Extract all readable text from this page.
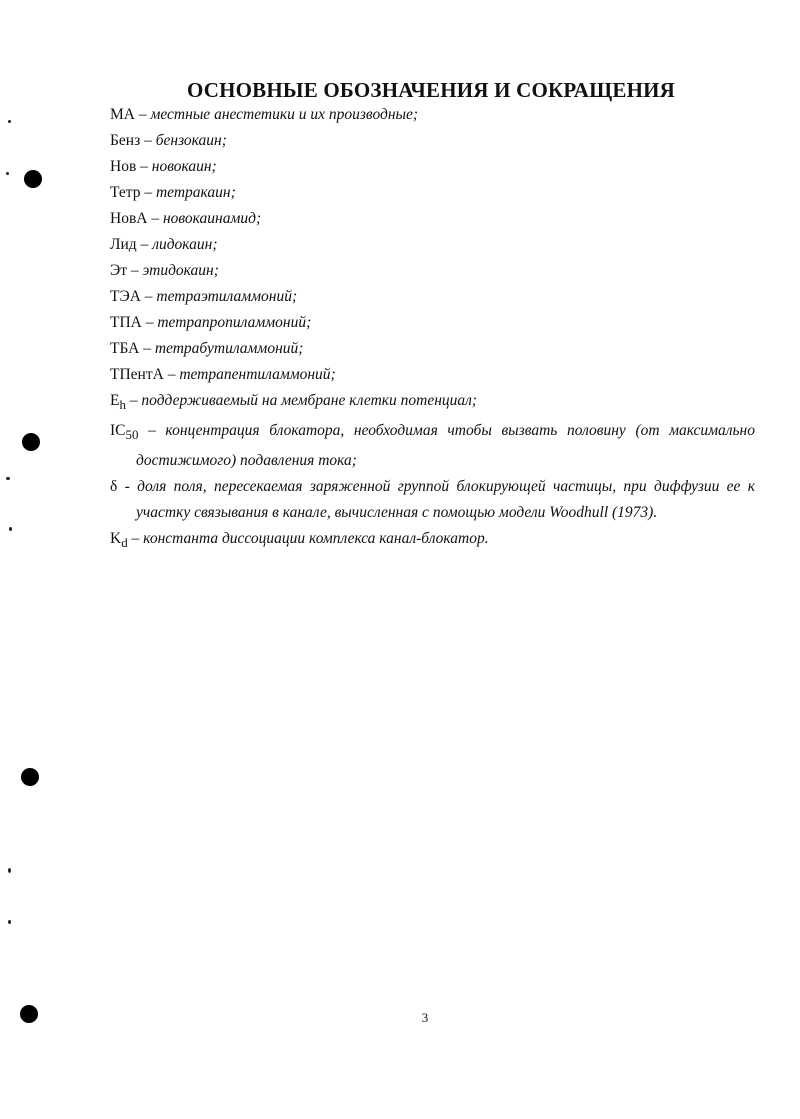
ОСНОВНЫЕ ОБОЗНАЧЕНИЯ И СОКРАЩЕНИЯ
МА – местные анестетики и их производные;
Бенз – бензокаин;
Нов – новокаин;
Тетр – тетракаин;
НовА – новокаинамид;
Лид – лидокаин;
Эт – этидокаин;
ТЭА – тетраэтиламмоний;
ТПА – тетрапропиламмоний;
ТБА – тетрабутиламмоний;
ТПентА – тетрапентиламмоний;
$E_h$ – поддерживаемый на мембране клетки потенциал;
$IC_{50}$ – концентрация блокатора, необходимая чтобы вызвать половину (от максимально достижимого) подавления тока;
δ - доля поля, пересекаемая заряженной группой блокирующей частицы, при диффузии ее к участку связывания в канале, вычисленная с помощью модели Woodhull (1973).
$K_d$ – константа диссоциации комплекса канал-блокатор.
3
